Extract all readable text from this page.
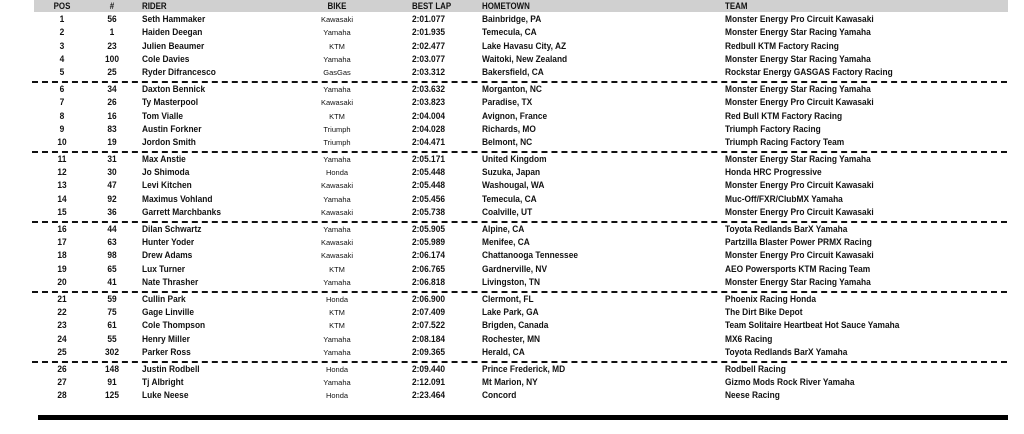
POS	#	RIDER	BIKE	BEST LAP	HOMETOWN	TEAM
1	56	Seth Hammaker	Kawasaki	2:01.077	Bainbridge, PA	Monster Energy Pro Circuit Kawasaki
2	1	Haiden Deegan	Yamaha	2:01.935	Temecula, CA	Monster Energy Star Racing Yamaha
3	23	Julien Beaumer	KTM	2:02.477	Lake Havasu City, AZ	Redbull KTM Factory Racing
4	100	Cole Davies	Yamaha	2:03.077	Waitoki, New Zealand	Monster Energy Star Racing Yamaha
5	25	Ryder Difrancesco	GasGas	2:03.312	Bakersfield, CA	Rockstar Energy GASGAS Factory Racing
6	34	Daxton Bennick	Yamaha	2:03.632	Morganton, NC	Monster Energy Star Racing Yamaha
7	26	Ty Masterpool	Kawasaki	2:03.823	Paradise, TX	Monster Energy Pro Circuit Kawasaki
8	16	Tom Vialle	KTM	2:04.004	Avignon, France	Red Bull KTM Factory Racing
9	83	Austin Forkner	Triumph	2:04.028	Richards, MO	Triumph Factory Racing
10	19	Jordon Smith	Triumph	2:04.471	Belmont, NC	Triumph Racing Factory Team
11	31	Max Anstie	Yamaha	2:05.171	United Kingdom	Monster Energy Star Racing Yamaha
12	30	Jo Shimoda	Honda	2:05.448	Suzuka, Japan	Honda HRC Progressive
13	47	Levi Kitchen	Kawasaki	2:05.448	Washougal, WA	Monster Energy Pro Circuit Kawasaki
14	92	Maximus Vohland	Yamaha	2:05.456	Temecula, CA	Muc-Off/FXR/ClubMX Yamaha
15	36	Garrett Marchbanks	Kawasaki	2:05.738	Coalville, UT	Monster Energy Pro Circuit Kawasaki
16	44	Dilan Schwartz	Yamaha	2:05.905	Alpine, CA	Toyota Redlands BarX Yamaha
17	63	Hunter Yoder	Kawasaki	2:05.989	Menifee, CA	Partzilla Blaster Power PRMX Racing
18	98	Drew Adams	Kawasaki	2:06.174	Chattanooga Tennessee	Monster Energy Pro Circuit Kawasaki
19	65	Lux Turner	KTM	2:06.765	Gardnerville, NV	AEO Powersports KTM Racing Team
20	41	Nate Thrasher	Yamaha	2:06.818	Livingston, TN	Monster Energy Star Racing Yamaha
21	59	Cullin Park	Honda	2:06.900	Clermont, FL	Phoenix Racing Honda
22	75	Gage Linville	KTM	2:07.409	Lake Park, GA	The Dirt Bike Depot
23	61	Cole Thompson	KTM	2:07.522	Brigden, Canada	Team Solitaire Heartbeat Hot Sauce Yamaha
24	55	Henry Miller	Yamaha	2:08.184	Rochester, MN	MX6 Racing
25	302	Parker Ross	Yamaha	2:09.365	Herald, CA	Toyota Redlands BarX Yamaha
26	148	Justin Rodbell	Honda	2:09.440	Prince Frederick, MD	Rodbell Racing
27	91	Tj Albright	Yamaha	2:12.091	Mt Marion, NY	Gizmo Mods Rock River Yamaha
28	125	Luke Neese	Honda	2:23.464	Concord	Neese Racing
